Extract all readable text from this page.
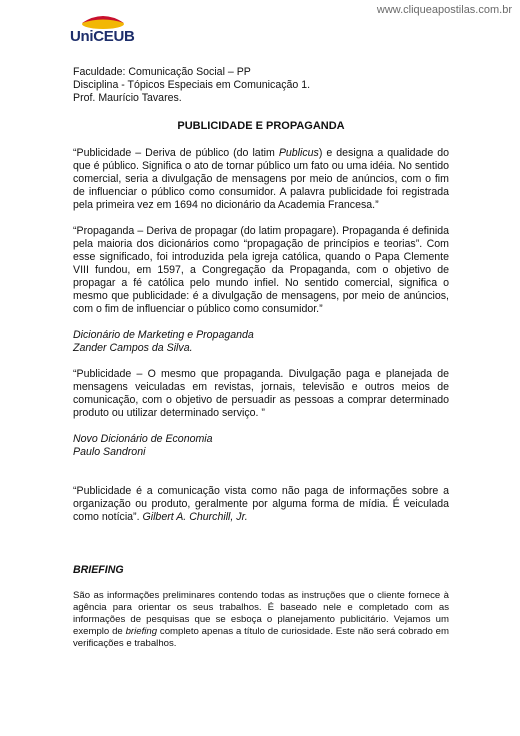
www.cliqueapostilas.com.br
UniCEUB

Faculdade: Comunicação Social – PP

Disciplina - Tópicos Especiais em Comunicação 1.

Prof. Maurício Tavares.

PUBLICIDADE E PROPAGANDA

“Publicidade – Deriva de público (do latim Publicus) e designa a qualidade do que é público. Significa o ato de tornar público um fato ou uma idéia. No sentido comercial, seria a divulgação de mensagens por meio de anúncios, com o fim de influenciar o público como consumidor. A palavra publicidade foi registrada pela primeira vez em 1694 no dicionário da Academia Francesa.”

“Propaganda – Deriva de propagar (do latim propagare). Propaganda é definida pela maioria dos dicionários como “propagação de princípios e teorias”. Com esse significado, foi introduzida pela igreja católica, quando o Papa Clemente VIII fundou, em 1597, a Congregação da Propaganda, com o objetivo de propagar a fé católica pelo mundo infiel. No sentido comercial, significa o mesmo que publicidade: é a divulgação de mensagens, por meio de anúncios, com o fim de influenciar o público como consumidor.”

Dicionário de Marketing e Propaganda

Zander Campos da Silva.

“Publicidade – O mesmo que propaganda. Divulgação paga e planejada de mensagens veiculadas em revistas, jornais, televisão e outros meios de comunicação, com o objetivo de persuadir as pessoas a comprar determinado produto ou utilizar determinado serviço. ”

Novo Dicionário de Economia

Paulo Sandroni

“Publicidade é a comunicação vista como não paga de informações sobre a organização ou produto, geralmente por alguma forma de mídia. É veiculada como notícia”. Gilbert A. Churchill, Jr.

BRIEFING

São as informações preliminares contendo todas as instruções que o cliente fornece à agência para orientar os seus trabalhos. É baseado nele e completado com as informações de pesquisas que se esboça o planejamento publicitário. Vejamos um exemplo de briefing completo apenas a título de curiosidade. Este não será cobrado em verificações e trabalhos.
